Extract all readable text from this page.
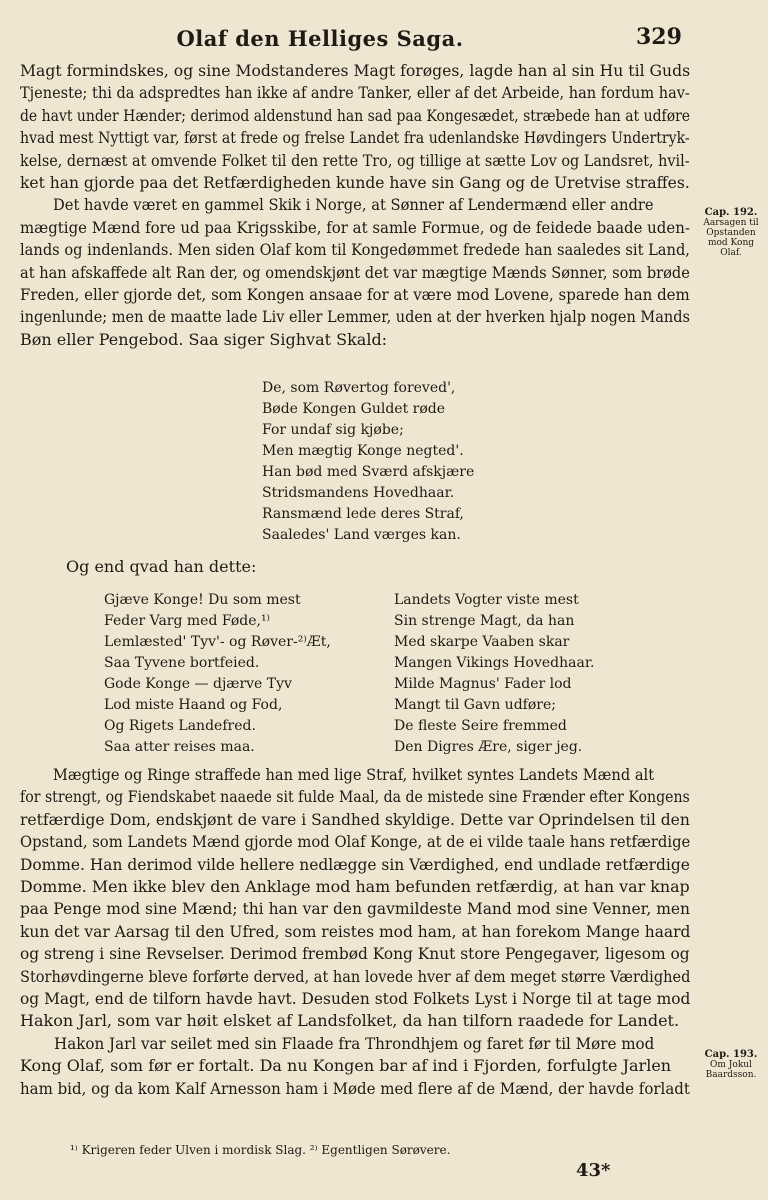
Olaf den Helliges Saga.	329

Magt formindskes, og sine Modstanderes Magt forøges, lagde han al sin Hu til Guds
Tjeneste; thi da adspredtes han ikke af andre Tanker, eller af det Arbeide, han fordum hav-
de havt under Hænder; derimod aldenstund han sad paa Kongesædet, stræbede han at udføre
hvad mest Nyttigt var, først at frede og frelse Landet fra udenlandske Høvdingers Undertryk-
kelse, dernæst at omvende Folket til den rette Tro, og tillige at sætte Lov og Landsret, hvil-
ket han gjorde paa det Retfærdigheden kunde have sin Gang og de Uretvise straffes.

Det havde været en gammel Skik i Norge, at Sønner af Lendermænd eller andre
mægtige Mænd fore ud paa Krigsskibe, for at samle Formue, og de feidede baade uden-
lands og indenlands. Men siden Olaf kom til Kongedømmet fredede han saaledes sit Land,
at han afskaffede alt Ran der, og omendskjønt det var mægtige Mænds Sønner, som brøde
Freden, eller gjorde det, som Kongen ansaae for at være mod Lovene, sparede han dem
ingenlunde; men de maatte lade Liv eller Lemmer, uden at der hverken hjalp nogen Mands
Bøn eller Pengebod. Saa siger Sighvat Skald:

Cap. 192.
Aarsagen til
Opstanden
mod Kong
Olaf.
De, som Røvertog foreved',
Bøde Kongen Guldet røde
For undaf sig kjøbe;
Men mægtig Konge negted'.
Han bød med Sværd afskjære
Stridsmandens Hovedhaar.
Ransmænd lede deres Straf,
Saaledes' Land værges kan.
Og end qvad han dette:
Gjæve Konge! Du som mest
Feder Varg med Føde,¹⁾
Lemlæsted' Tyv'- og Røver-²⁾Æt,
Saa Tyvene bortfeied.
Gode Konge — djærve Tyv
Lod miste Haand og Fod,
Og Rigets Landefred.
Saa atter reises maa.
Landets Vogter viste mest
Sin strenge Magt, da han
Med skarpe Vaaben skar
Mangen Vikings Hovedhaar.
Milde Magnus' Fader lod
Mangt til Gavn udføre;
De fleste Seire fremmed
Den Digres Ære, siger jeg.

Mægtige og Ringe straffede han med lige Straf, hvilket syntes Landets Mænd alt
for strengt, og Fiendskabet naaede sit fulde Maal, da de mistede sine Frænder efter Kongens
retfærdige Dom, endskjønt de vare i Sandhed skyldige. Dette var Oprindelsen til den
Opstand, som Landets Mænd gjorde mod Olaf Konge, at de ei vilde taale hans retfærdige
Domme. Han derimod vilde hellere nedlægge sin Værdighed, end undlade retfærdige
Domme. Men ikke blev den Anklage mod ham befunden retfærdig, at han var knap
paa Penge mod sine Mænd; thi han var den gavmildeste Mand mod sine Venner, men
kun det var Aarsag til den Ufred, som reistes mod ham, at han forekom Mange haard
og streng i sine Revselser. Derimod frembød Kong Knut store Pengegaver, ligesom og
Storhøvdingerne bleve forførte derved, at han lovede hver af dem meget større Værdighed
og Magt, end de tilforn havde havt. Desuden stod Folkets Lyst i Norge til at tage mod
Hakon Jarl, som var høit elsket af Landsfolket, da han tilforn raadede for Landet.

Hakon Jarl var seilet med sin Flaade fra Throndhjem og faret før til Møre mod
Kong Olaf, som før er fortalt. Da nu Kongen bar af ind i Fjorden, forfulgte Jarlen
ham bid, og da kom Kalf Arnesson ham i Møde med flere af de Mænd, der havde forladt

Cap. 193.
Om Jokul
Baardsson.
¹⁾ Krigeren feder Ulven i mordisk Slag. ²⁾ Egentligen Sørøvere.
43*
